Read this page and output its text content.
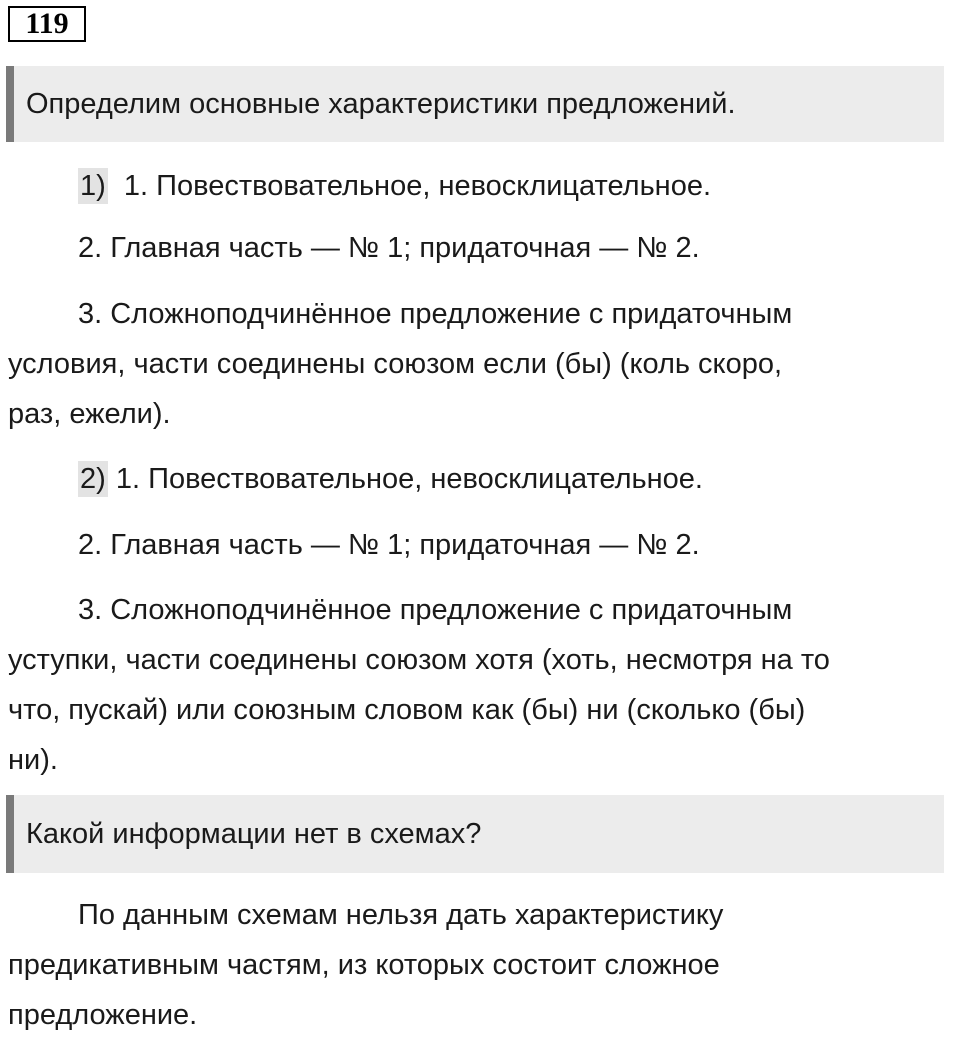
119
Определим основные характеристики предложений.
1) 1. Повествовательное, невосклицательное.
2. Главная часть — № 1; придаточная — № 2.
3. Сложноподчинённое предложение с придаточным
условия, части соединены союзом если (бы) (коль скоро,
раз, ежели).
2) 1. Повествовательное, невосклицательное.
2. Главная часть — № 1; придаточная — № 2.
3. Сложноподчинённое предложение с придаточным
уступки, части соединены союзом хотя (хоть, несмотря на то
что, пускай) или союзным словом как (бы) ни (сколько (бы)
ни).
Какой информации нет в схемах?
По данным схемам нельзя дать характеристику
предикативным частям, из которых состоит сложное
предложение.
